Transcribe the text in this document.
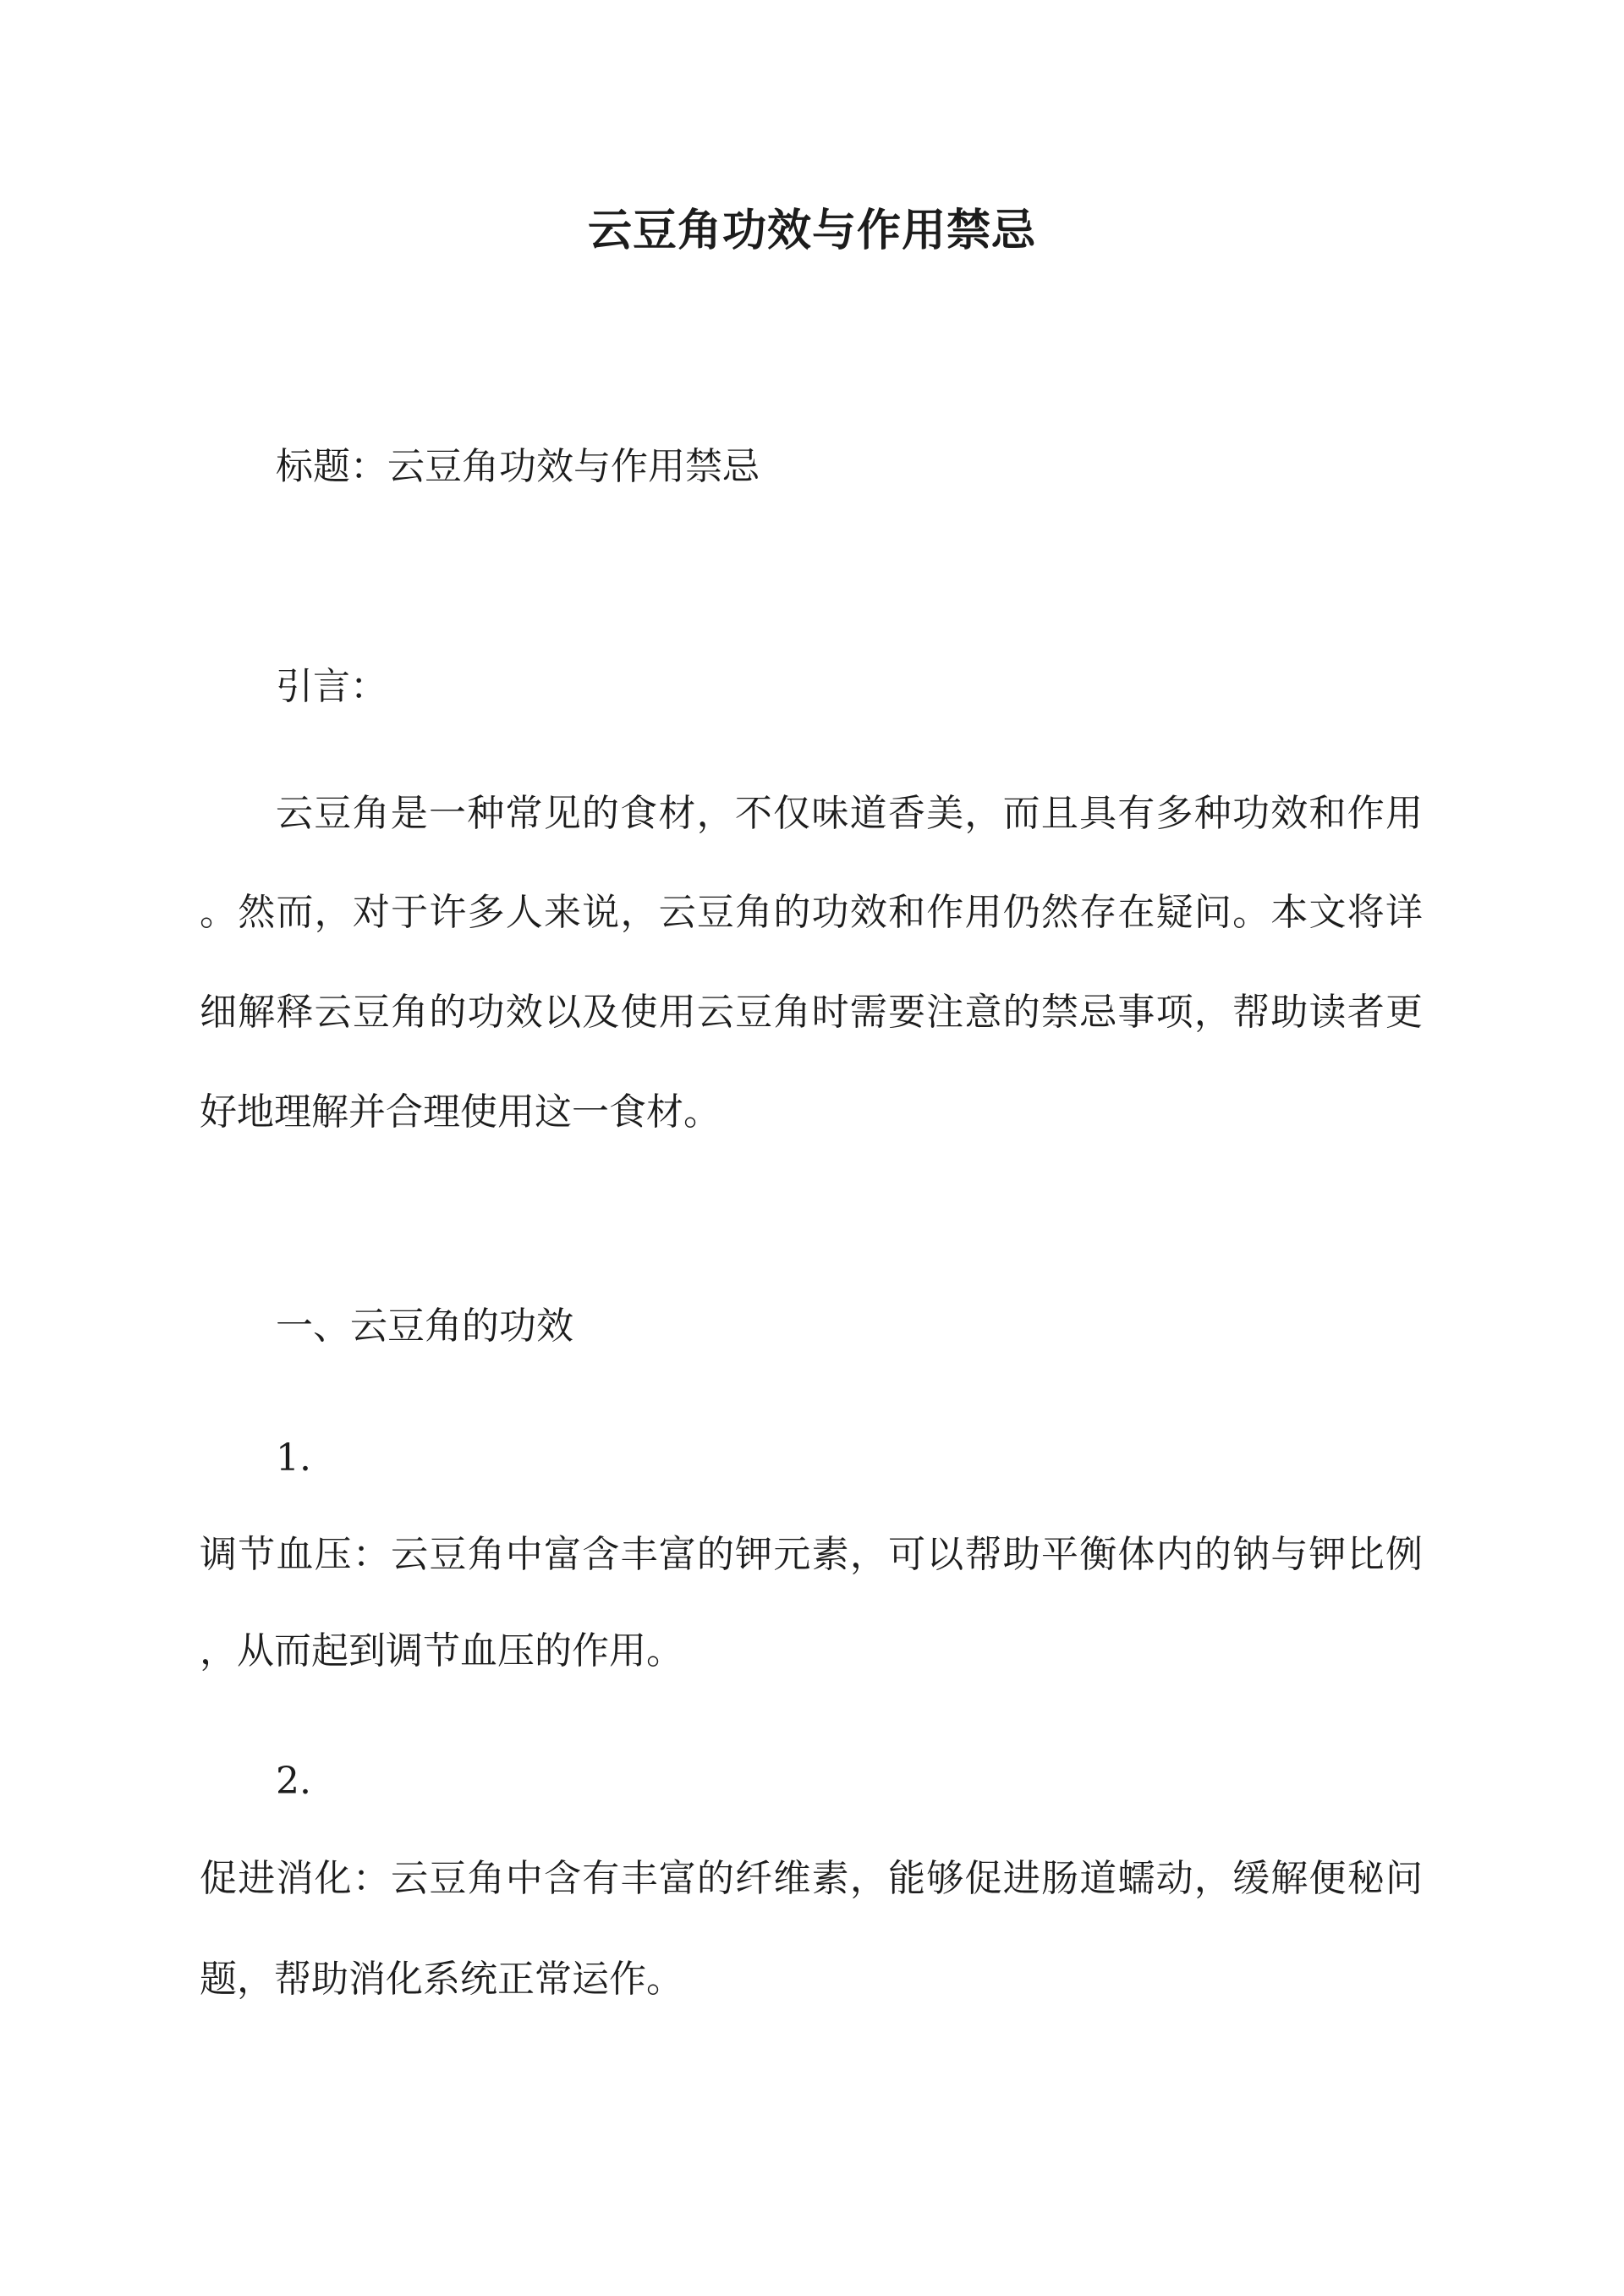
云豆角功效与作用禁忌

标题：云豆角功效与作用禁忌

引言：

云豆角是一种常见的食材，不仅味道香美，而且具有多种功效和作用

。然而，对于许多人来说，云豆角的功效和作用仍然存在疑问。本文将详

细解释云豆角的功效以及使用云豆角时需要注意的禁忌事项，帮助读者更

好地理解并合理使用这一食材。

一、云豆角的功效

1.

调节血压：云豆角中富含丰富的钾元素，可以帮助平衡体内的钠与钾比例

，从而起到调节血压的作用。

2.

促进消化：云豆角中含有丰富的纤维素，能够促进肠道蠕动，缓解便秘问

题，帮助消化系统正常运作。
